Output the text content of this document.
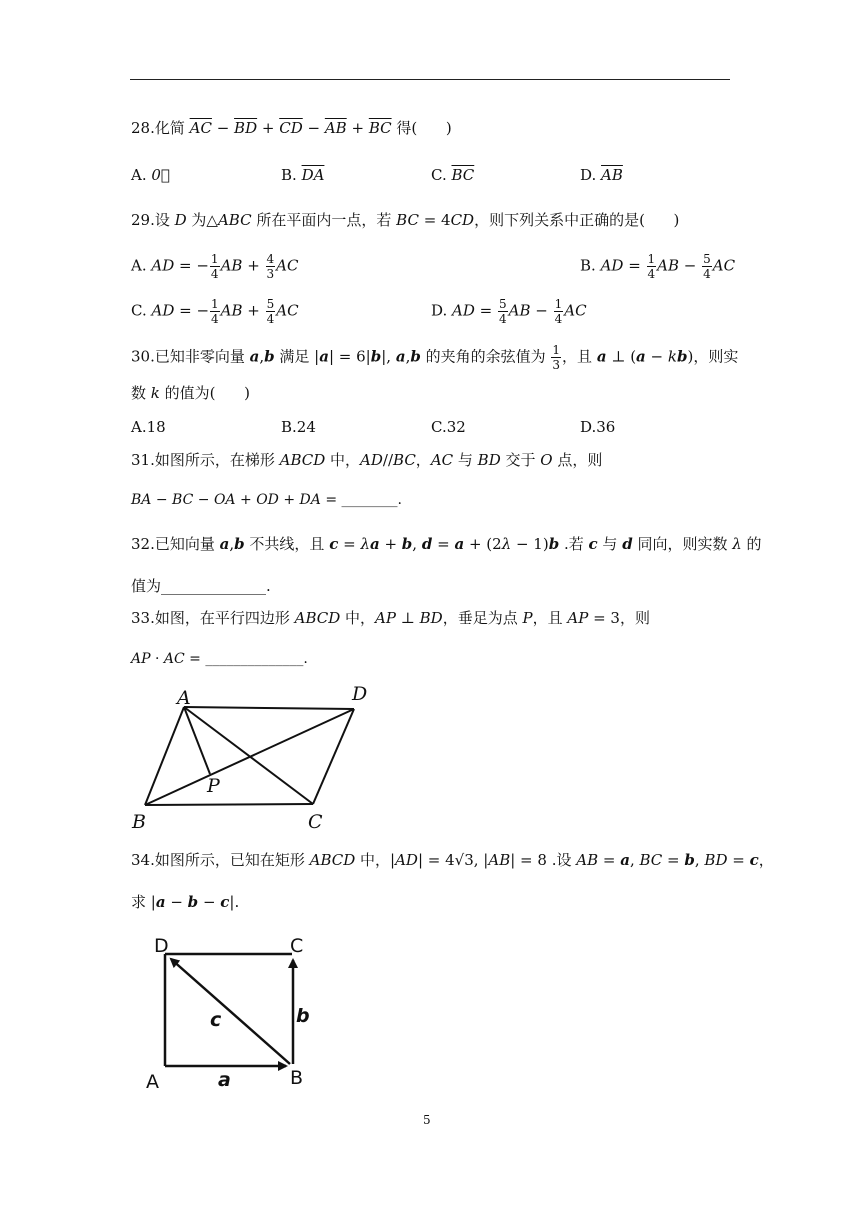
28.化简 $\overline{AC} - \overline{BD} + \overline{CD} - \overline{AB} + \overline{BC}$ 得(      )
A. 0⃗	B. $\overline{DA}$	C. $\overline{BC}$	D. $\overline{AB}$
29.设 D 为△ABC 所在平面内一点，若 BC = 4CD，则下列关系中正确的是(      )
A. AD = − $\frac{1}{4}$ AB + $\frac{4}{3}$ AC	B. AD = $\frac{1}{4}$ AB − $\frac{5}{4}$ AC
C. AD = − $\frac{1}{4}$ AB + $\frac{5}{4}$ AC	D. AD = $\frac{5}{4}$ AB − $\frac{1}{4}$ AC
30.已知非零向量 a,b 满足 |a| = 6|b|, a,b 的夹角的余弦值为 $\frac{1}{3}$ ，且 a ⊥ (a − kb)，则实
数 k 的值为(      )
A.18	B.24	C.32	D.36
31.如图所示，在梯形 ABCD 中，AD//BC，AC 与 BD 交于 O 点，则
BA − BC − OA + OD + DA = ________.
32.已知向量 a,b 不共线，且 c = λa + b, d = a + (2λ − 1)b .若 c 与 d 同向，则实数 λ 的
值为______________.
33.如图，在平行四边形 ABCD 中，AP ⊥ BD，垂足为点 P，且 AP = 3，则
AP · AC = ______________.
A	D
P
B	C
34.如图所示，已知在矩形 ABCD 中，|AD| = 4√3, |AB| = 8 .设 AB = a, BC = b, BD = c，
求 |a − b − c|.
D	C
A	B
a
b
c
5
